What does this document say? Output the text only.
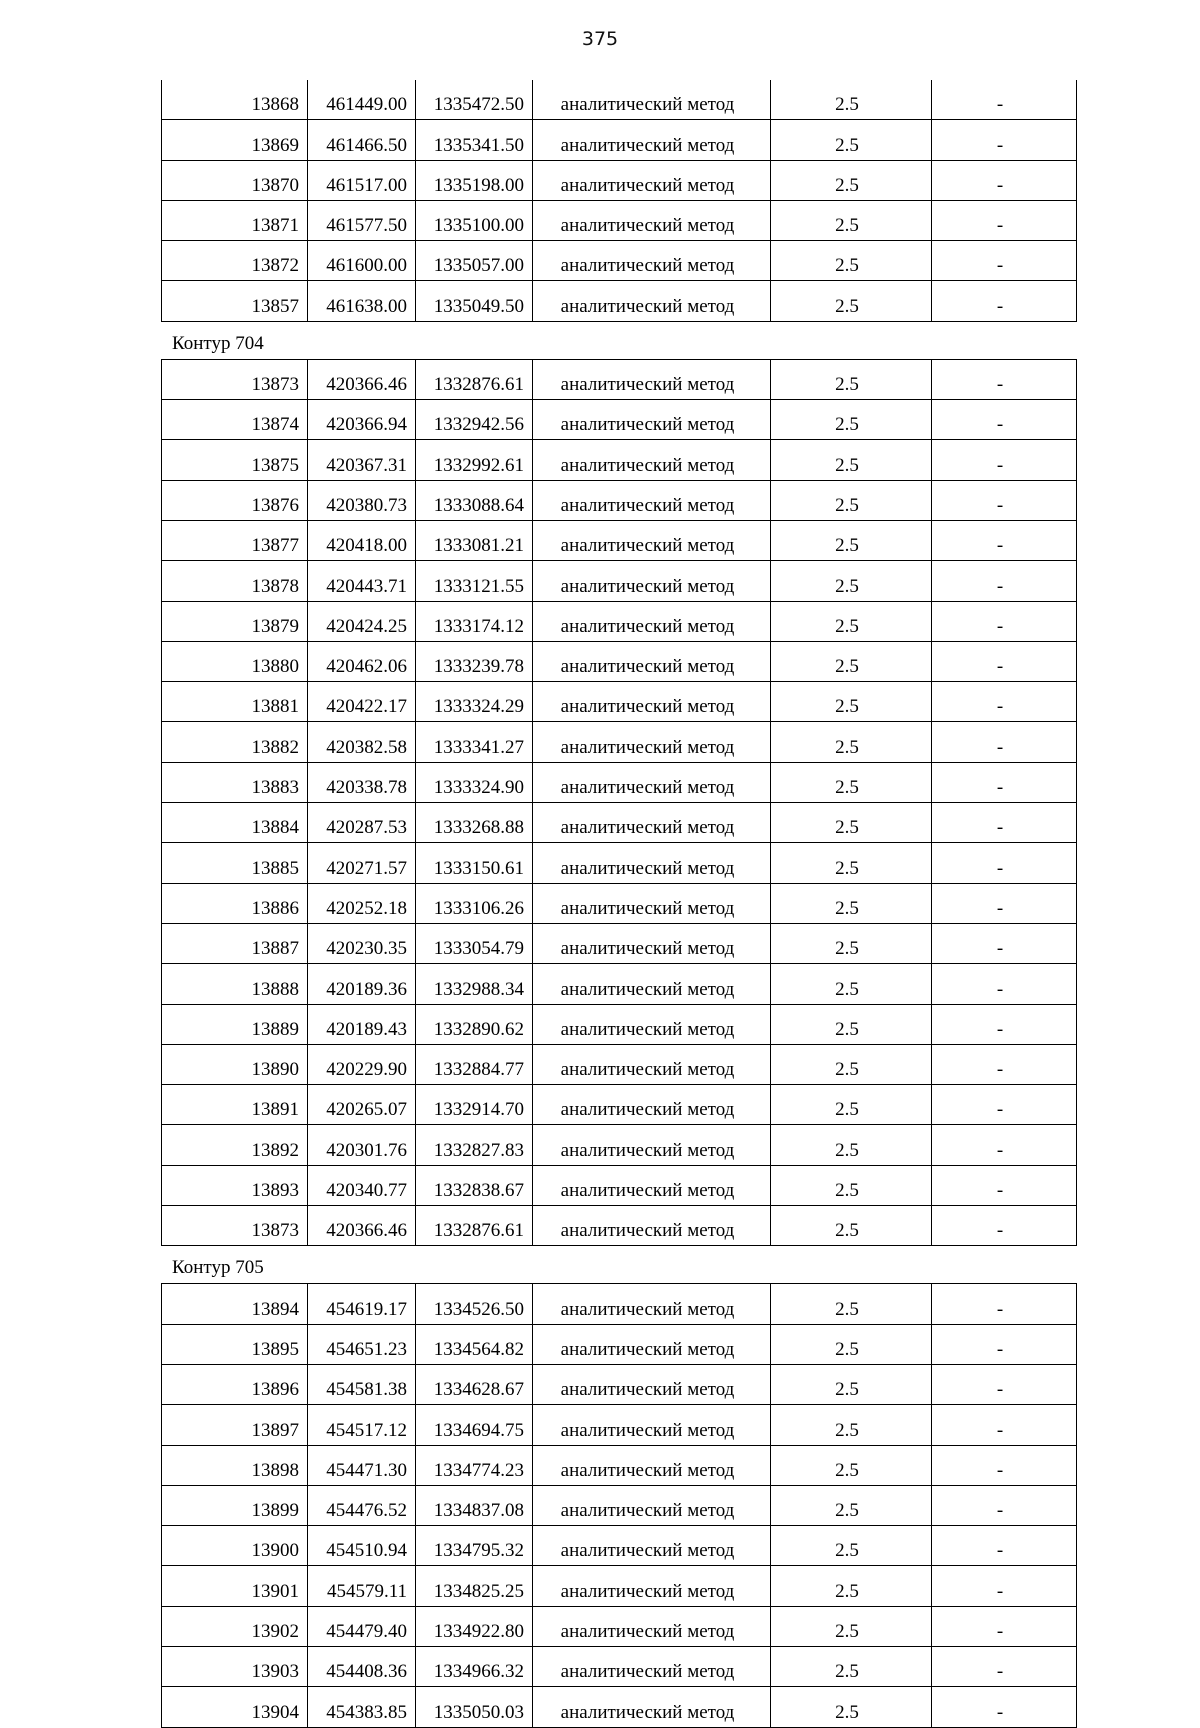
375
13868	461449.00	1335472.50	аналитический метод	2.5	-
13869	461466.50	1335341.50	аналитический метод	2.5	-
13870	461517.00	1335198.00	аналитический метод	2.5	-
13871	461577.50	1335100.00	аналитический метод	2.5	-
13872	461600.00	1335057.00	аналитический метод	2.5	-
13857	461638.00	1335049.50	аналитический метод	2.5	-
Контур 704
13873	420366.46	1332876.61	аналитический метод	2.5	-
13874	420366.94	1332942.56	аналитический метод	2.5	-
13875	420367.31	1332992.61	аналитический метод	2.5	-
13876	420380.73	1333088.64	аналитический метод	2.5	-
13877	420418.00	1333081.21	аналитический метод	2.5	-
13878	420443.71	1333121.55	аналитический метод	2.5	-
13879	420424.25	1333174.12	аналитический метод	2.5	-
13880	420462.06	1333239.78	аналитический метод	2.5	-
13881	420422.17	1333324.29	аналитический метод	2.5	-
13882	420382.58	1333341.27	аналитический метод	2.5	-
13883	420338.78	1333324.90	аналитический метод	2.5	-
13884	420287.53	1333268.88	аналитический метод	2.5	-
13885	420271.57	1333150.61	аналитический метод	2.5	-
13886	420252.18	1333106.26	аналитический метод	2.5	-
13887	420230.35	1333054.79	аналитический метод	2.5	-
13888	420189.36	1332988.34	аналитический метод	2.5	-
13889	420189.43	1332890.62	аналитический метод	2.5	-
13890	420229.90	1332884.77	аналитический метод	2.5	-
13891	420265.07	1332914.70	аналитический метод	2.5	-
13892	420301.76	1332827.83	аналитический метод	2.5	-
13893	420340.77	1332838.67	аналитический метод	2.5	-
13873	420366.46	1332876.61	аналитический метод	2.5	-
Контур 705
13894	454619.17	1334526.50	аналитический метод	2.5	-
13895	454651.23	1334564.82	аналитический метод	2.5	-
13896	454581.38	1334628.67	аналитический метод	2.5	-
13897	454517.12	1334694.75	аналитический метод	2.5	-
13898	454471.30	1334774.23	аналитический метод	2.5	-
13899	454476.52	1334837.08	аналитический метод	2.5	-
13900	454510.94	1334795.32	аналитический метод	2.5	-
13901	454579.11	1334825.25	аналитический метод	2.5	-
13902	454479.40	1334922.80	аналитический метод	2.5	-
13903	454408.36	1334966.32	аналитический метод	2.5	-
13904	454383.85	1335050.03	аналитический метод	2.5	-
